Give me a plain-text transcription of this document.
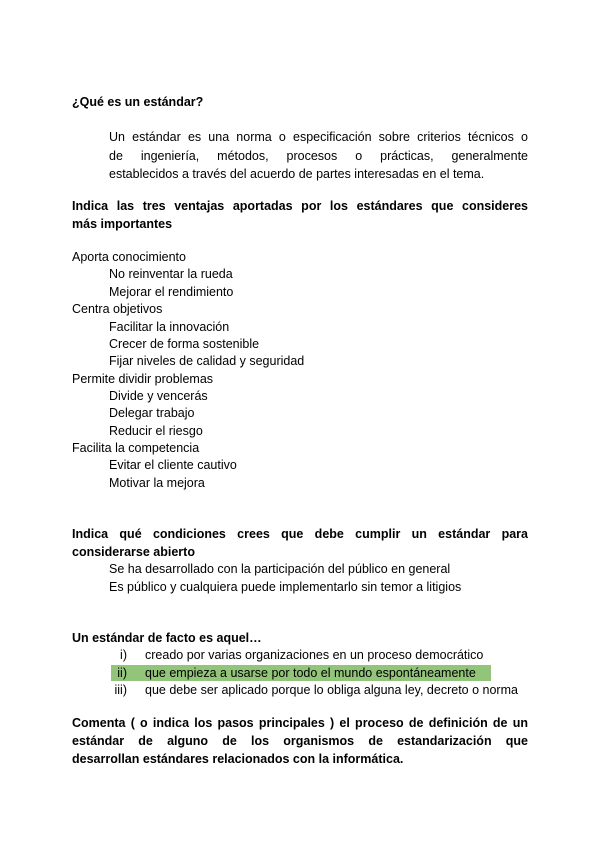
¿Qué es un estándar?
Un estándar es una norma o especificación sobre criterios técnicos o
de ingeniería, métodos, procesos o prácticas, generalmente
establecidos a través del acuerdo de partes interesadas en el tema.
Indica las tres ventajas aportadas por los estándares que consideres
más importantes
Aporta conocimiento
No reinventar la rueda
Mejorar el rendimiento
Centra objetivos
Facilitar la innovación
Crecer de forma sostenible
Fijar niveles de calidad y seguridad
Permite dividir problemas
Divide y vencerás
Delegar trabajo
Reducir el riesgo
Facilita la competencia
Evitar el cliente cautivo
Motivar la mejora
Indica qué condiciones crees que debe cumplir un estándar para
considerarse abierto
Se ha desarrollado con la participación del público en general
Es público y cualquiera puede implementarlo sin temor a litigios
Un estándar de facto es aquel…
i) creado por varias organizaciones en un proceso democrático
ii) que empieza a usarse por todo el mundo espontáneamente
iii) que debe ser aplicado porque lo obliga alguna ley, decreto o norma
Comenta ( o indica los pasos principales ) el proceso de definición de un
estándar de alguno de los organismos de estandarización que
desarrollan estándares relacionados con la informática.
